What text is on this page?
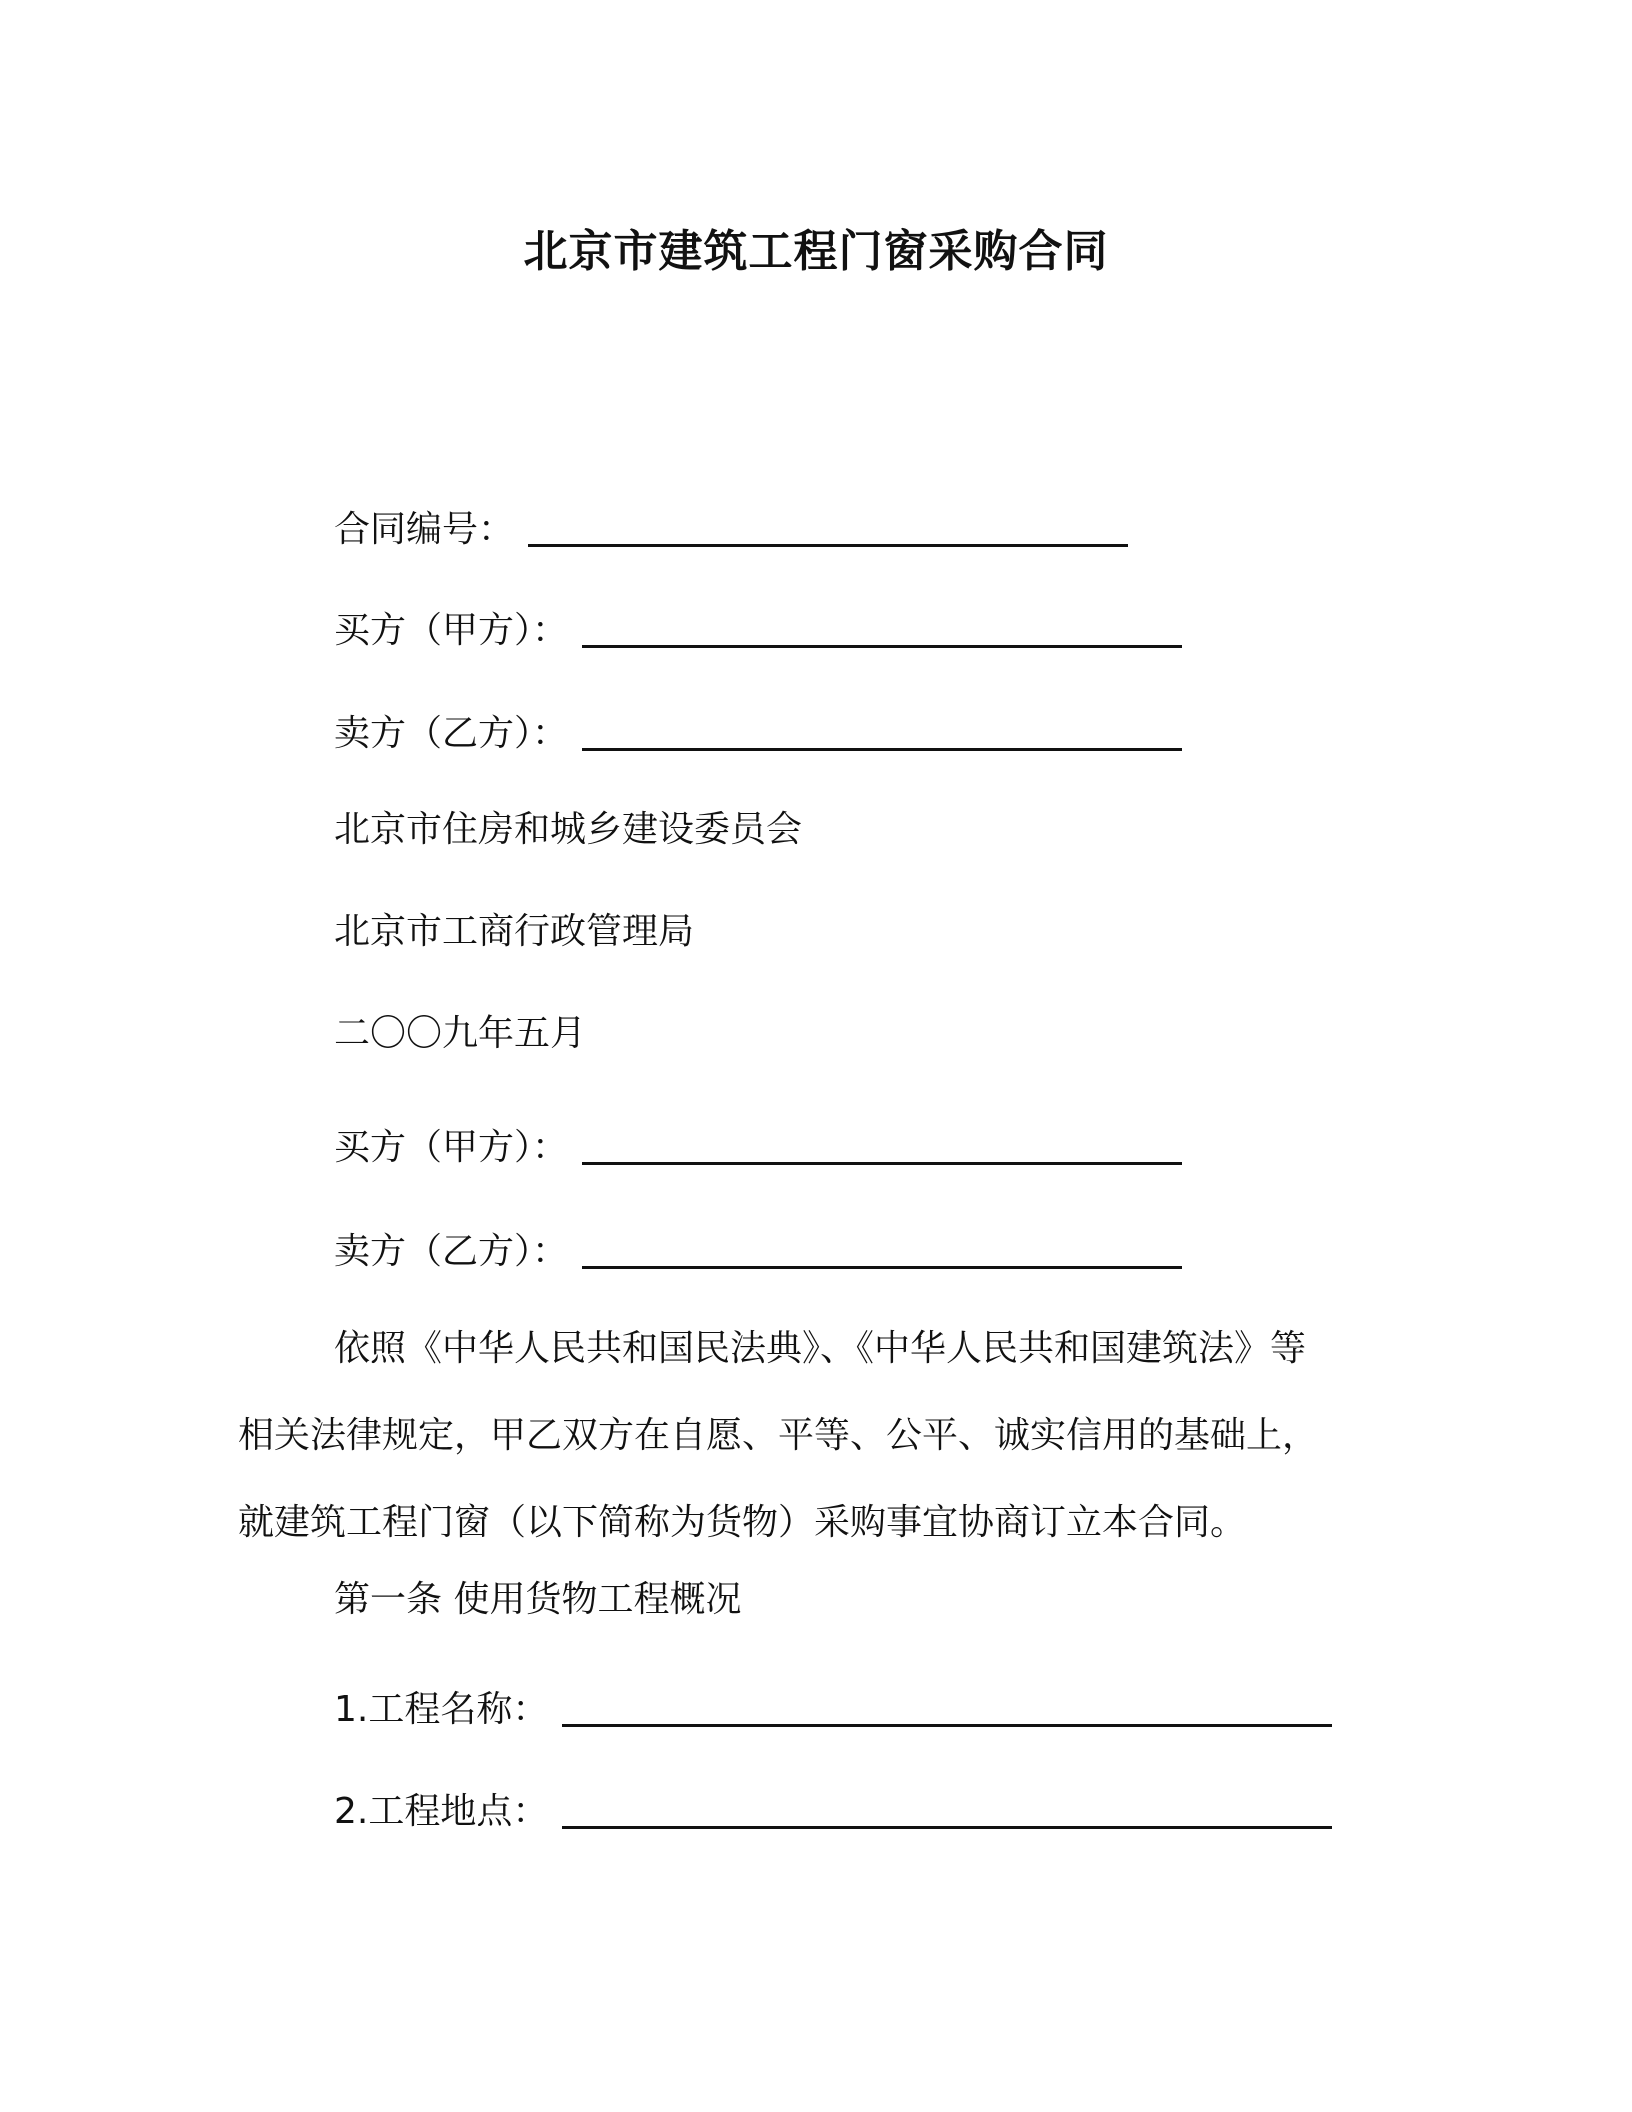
北京市建筑工程门窗采购合同
合同编号：
买方（甲方）：
卖方（乙方）：
北京市住房和城乡建设委员会
北京市工商行政管理局
二〇〇九年五月
买方（甲方）：
卖方（乙方）：
依照《中华人民共和国民法典》、《中华人民共和国建筑法》等
相关法律规定，甲乙双方在自愿、平等、公平、诚实信用的基础上，
就建筑工程门窗（以下简称为货物）采购事宜协商订立本合同。
第一条 使用货物工程概况
1.工程名称：
2.工程地点：
